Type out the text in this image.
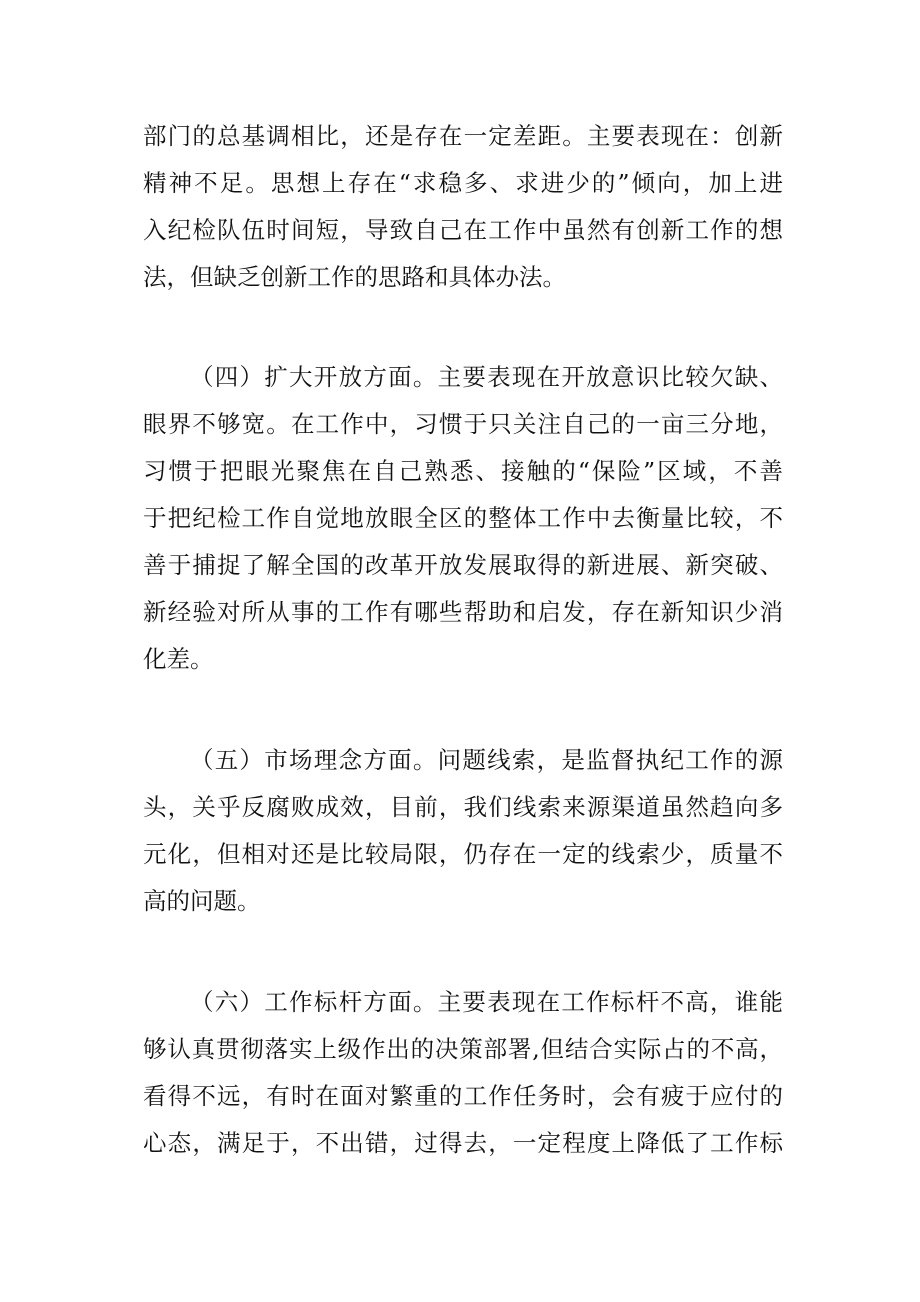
部门的总基调相比，还是存在一定差距。主要表现在：创新
精神不足。思想上存在“求稳多、求进少的”倾向，加上进
入纪检队伍时间短，导致自己在工作中虽然有创新工作的想
法，但缺乏创新工作的思路和具体办法。
（四）扩大开放方面。主要表现在开放意识比较欠缺、
眼界不够宽。在工作中，习惯于只关注自己的一亩三分地，
习惯于把眼光聚焦在自己熟悉、接触的“保险”区域，不善
于把纪检工作自觉地放眼全区的整体工作中去衡量比较，不
善于捕捉了解全国的改革开放发展取得的新进展、新突破、
新经验对所从事的工作有哪些帮助和启发，存在新知识少消
化差。
（五）市场理念方面。问题线索，是监督执纪工作的源
头，关乎反腐败成效，目前，我们线索来源渠道虽然趋向多
元化，但相对还是比较局限，仍存在一定的线索少，质量不
高的问题。
（六）工作标杆方面。主要表现在工作标杆不高，谁能
够认真贯彻落实上级作出的决策部署,但结合实际占的不高，
看得不远，有时在面对繁重的工作任务时，会有疲于应付的
心态，满足于，不出错，过得去，一定程度上降低了工作标
